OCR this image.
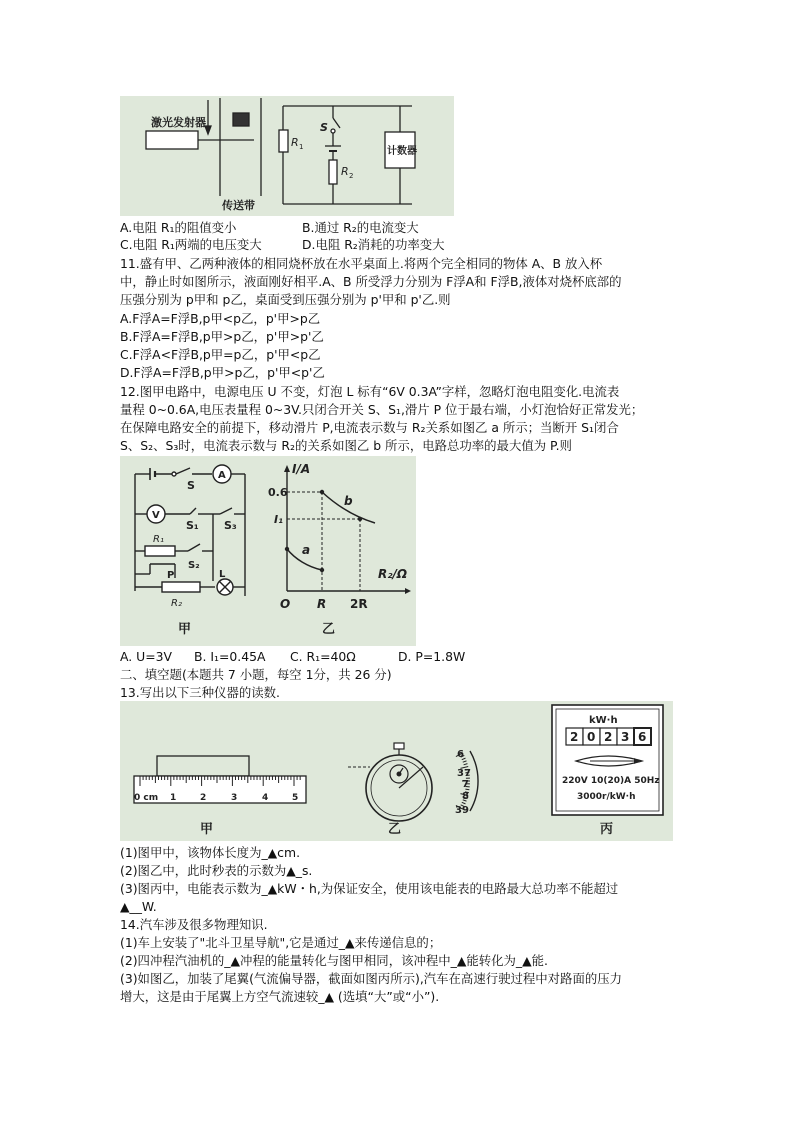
激光发射器
传送带
S
R 1
R 2
计数器
A.电阻 R₁的阻值变小	B.通过 R₂的电流变大
C.电阻 R₁两端的电压变大	D.电阻 R₂消耗的功率变大
11.盛有甲、乙两种液体的相同烧杯放在水平桌面上.将两个完全相同的物体 A、B 放入杯
中，静止时如图所示，液面刚好相平.A、B 所受浮力分别为 F浮A和 F浮B,液体对烧杯底部的
压强分别为 p甲和 p乙，桌面受到压强分别为 p'甲和 p'乙.则
A.F浮A=F浮B,p甲<p乙，p'甲>p乙
B.F浮A=F浮B,p甲>p乙，p'甲>p'乙
C.F浮A<F浮B,p甲=p乙，p'甲<p乙
D.F浮A=F浮B,p甲>p乙，p'甲<p'乙
12.图甲电路中，电源电压 U 不变，灯泡 L 标有“6V 0.3A”字样，忽略灯泡电阻变化.电流表
量程 0~0.6A,电压表量程 0~3V.只闭合开关 S、S₁,滑片 P 位于最右端，小灯泡恰好正常发光；
在保障电路安全的前提下，移动滑片 P,电流表示数与 R₂关系如图乙 a 所示；当断开 S₁闭合
S、S₂、S₃时，电流表示数与 R₂的关系如图乙 b 所示，电路总功率的最大值为 P.则
A
V
S
S₁ S₃
R₁
S₂
P
R₂
L
甲
I/A
R₂/Ω
0.6
I₁
O R 2R
a
b
乙
A. U=3V B. I₁=0.45A C. R₁=40Ω	D. P=1.8W
二、填空题(本题共 7 小题，每空 1分，共 26 分)
13.写出以下三种仪器的读数.
0 cm 1	2	3	4	5
甲
6
37
7
8
39
乙
kW·h
2 0 2 3 6
220V 10(20)A 50Hz
3000r/kW·h
丙
(1)图甲中，该物体长度为_▲cm.
(2)图乙中，此时秒表的示数为▲_s.
(3)图丙中，电能表示数为_▲kW・h,为保证安全，使用该电能表的电路最大总功率不能超过
▲__W.
14.汽车涉及很多物理知识.
(1)车上安装了"北斗卫星导航",它是通过_▲来传递信息的；
(2)四冲程汽油机的_▲冲程的能量转化与图甲相同，该冲程中_▲能转化为_▲能.
(3)如图乙，加装了尾翼(气流偏导器，截面如图丙所示),汽车在高速行驶过程中对路面的压力
增大，这是由于尾翼上方空气流速较_▲ (选填“大”或“小”).
